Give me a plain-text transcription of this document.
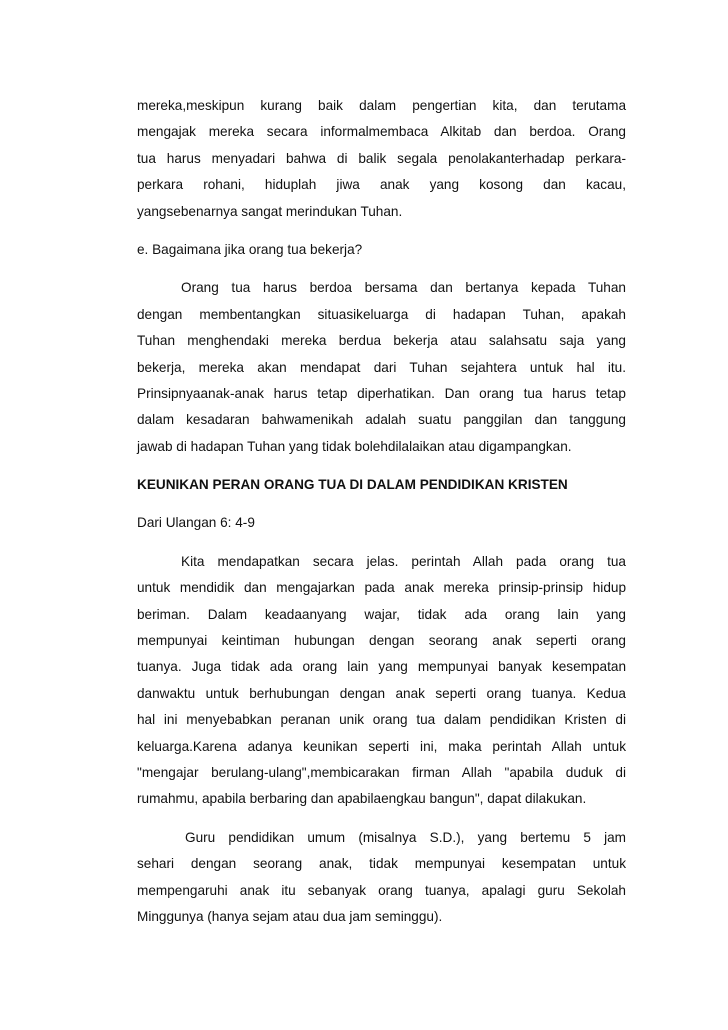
mereka,meskipun kurang baik dalam pengertian kita, dan terutama
mengajak mereka secara informalmembaca Alkitab dan berdoa. Orang
tua harus menyadari bahwa di balik segala penolakanterhadap perkara-
perkara rohani, hiduplah jiwa anak yang kosong dan kacau,
yangsebenarnya sangat merindukan Tuhan.
e. Bagaimana jika orang tua bekerja?
Orang tua harus berdoa bersama dan bertanya kepada Tuhan
dengan membentangkan situasikeluarga di hadapan Tuhan, apakah
Tuhan menghendaki mereka berdua bekerja atau salahsatu saja yang
bekerja, mereka akan mendapat dari Tuhan sejahtera untuk hal itu.
Prinsipnyaanak-anak harus tetap diperhatikan. Dan orang tua harus tetap
dalam kesadaran bahwamenikah adalah suatu panggilan dan tanggung
jawab di hadapan Tuhan yang tidak bolehdilalaikan atau digampangkan.
KEUNIKAN PERAN ORANG TUA DI DALAM PENDIDIKAN KRISTEN
Dari Ulangan 6: 4-9
Kita mendapatkan secara jelas. perintah Allah pada orang tua
untuk mendidik dan mengajarkan pada anak mereka prinsip-prinsip hidup
beriman. Dalam keadaanyang wajar, tidak ada orang lain yang
mempunyai keintiman hubungan dengan seorang anak seperti orang
tuanya. Juga tidak ada orang lain yang mempunyai banyak kesempatan
danwaktu untuk berhubungan dengan anak seperti orang tuanya. Kedua
hal ini menyebabkan peranan unik orang tua dalam pendidikan Kristen di
keluarga.Karena adanya keunikan seperti ini, maka perintah Allah untuk
"mengajar berulang-ulang",membicarakan firman Allah "apabila duduk di
rumahmu, apabila berbaring dan apabilaengkau bangun", dapat dilakukan.
Guru pendidikan umum (misalnya S.D.), yang bertemu 5 jam
sehari dengan seorang anak, tidak mempunyai kesempatan untuk
mempengaruhi anak itu sebanyak orang tuanya, apalagi guru Sekolah
Minggunya (hanya sejam atau dua jam seminggu).
